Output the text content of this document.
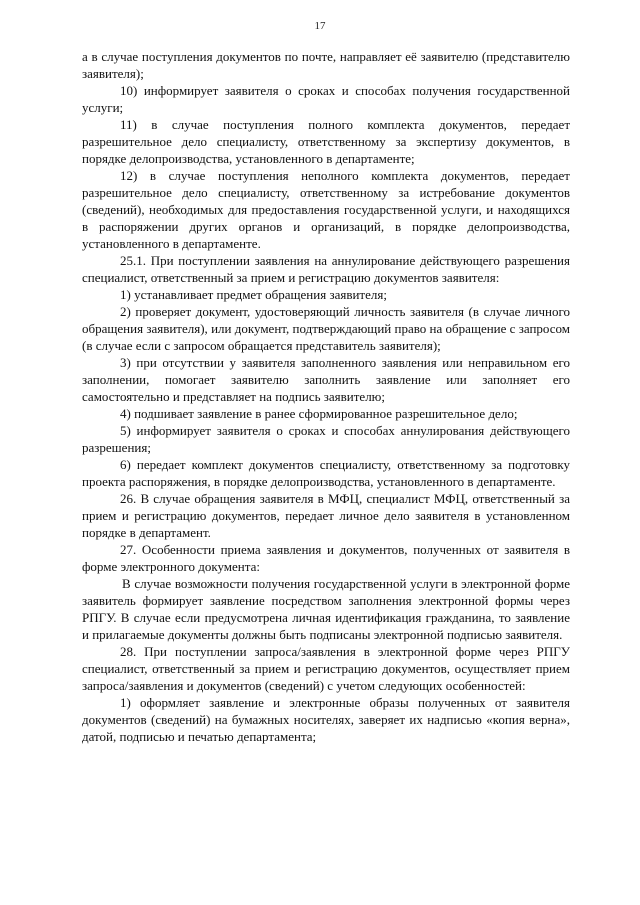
17

а в случае поступления документов по почте, направляет её заявителю (представителю заявителя);

10) информирует заявителя о сроках и способах получения государственной услуги;

11) в случае поступления полного комплекта документов, передает разрешительное дело специалисту, ответственному за экспертизу документов, в порядке делопроизводства, установленного в департаменте;

12) в случае поступления неполного комплекта документов, передает разрешительное дело специалисту, ответственному за истребование документов (сведений), необходимых для предоставления государственной услуги, и находящихся в распоряжении других органов и организаций, в порядке делопроизводства, установленного в департаменте.

25.1. При поступлении заявления на аннулирование действующего разрешения специалист, ответственный за прием и регистрацию документов заявителя:

1) устанавливает предмет обращения заявителя;

2) проверяет документ, удостоверяющий личность заявителя (в случае личного обращения заявителя), или документ, подтверждающий право на обращение с запросом (в случае если с запросом обращается представитель заявителя);

3) при отсутствии у заявителя заполненного заявления или неправильном его заполнении, помогает заявителю заполнить заявление или заполняет его самостоятельно и представляет на подпись заявителю;

4) подшивает заявление в ранее сформированное разрешительное дело;

5) информирует заявителя о сроках и способах аннулирования действующего разрешения;

6) передает комплект документов специалисту, ответственному за подготовку проекта распоряжения, в порядке делопроизводства, установленного в департаменте.

26. В случае обращения заявителя в МФЦ, специалист МФЦ, ответственный за прием и регистрацию документов, передает личное дело заявителя в установленном порядке в департамент.

27. Особенности приема заявления и документов, полученных от заявителя в форме электронного документа:

В случае возможности получения государственной услуги в электронной форме заявитель формирует заявление посредством заполнения электронной формы через РПГУ. В случае если предусмотрена личная идентификация гражданина, то заявление и прилагаемые документы должны быть подписаны электронной подписью заявителя.

28. При поступлении запроса/заявления в электронной форме через РПГУ специалист, ответственный за прием и регистрацию документов, осуществляет прием запроса/заявления и документов (сведений) с учетом следующих особенностей:

1) оформляет заявление и электронные образы полученных от заявителя документов (сведений) на бумажных носителях, заверяет их надписью «копия верна», датой, подписью и печатью департамента;
